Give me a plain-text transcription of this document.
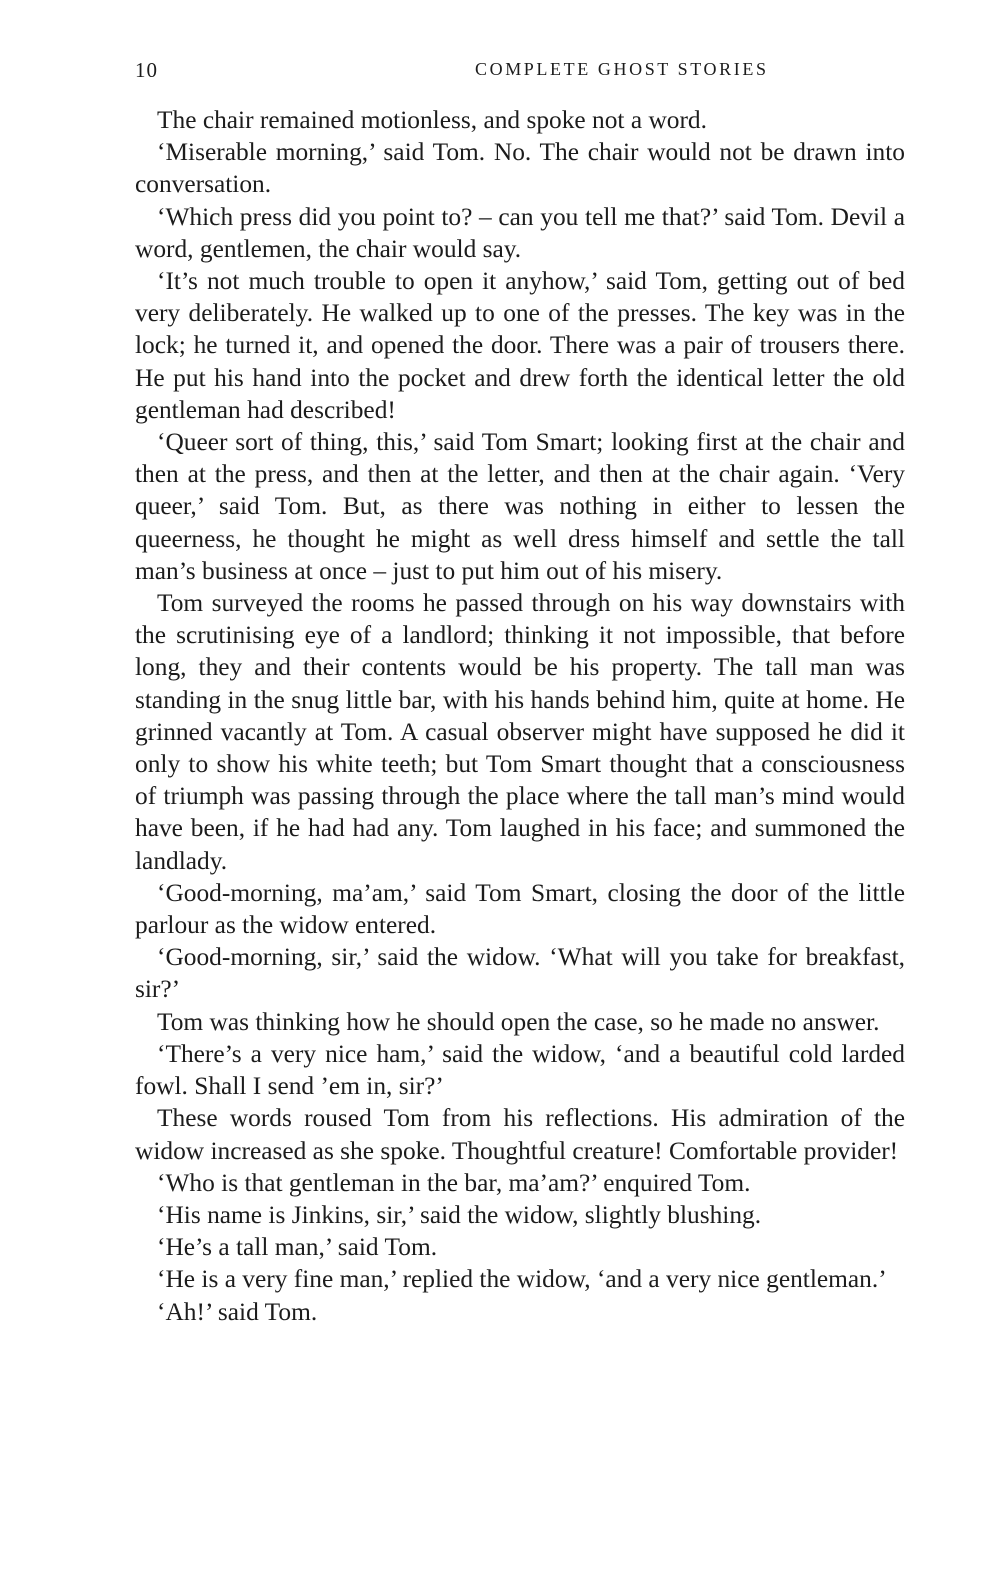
10	COMPLETE GHOST STORIES

The chair remained motionless, and spoke not a word.

‘Miserable morning,’ said Tom. No. The chair would not be drawn into conversation.

‘Which press did you point to? – can you tell me that?’ said Tom. Devil a word, gentlemen, the chair would say.

‘It’s not much trouble to open it anyhow,’ said Tom, getting out of bed very deliberately. He walked up to one of the presses. The key was in the lock; he turned it, and opened the door. There was a pair of trousers there. He put his hand into the pocket and drew forth the identical letter the old gentleman had described!

‘Queer sort of thing, this,’ said Tom Smart; looking first at the chair and then at the press, and then at the letter, and then at the chair again. ‘Very queer,’ said Tom. But, as there was nothing in either to lessen the queerness, he thought he might as well dress himself and settle the tall man’s business at once – just to put him out of his misery.

Tom surveyed the rooms he passed through on his way downstairs with the scrutinising eye of a landlord; thinking it not impossible, that before long, they and their contents would be his property. The tall man was standing in the snug little bar, with his hands behind him, quite at home. He grinned vacantly at Tom. A casual observer might have supposed he did it only to show his white teeth; but Tom Smart thought that a consciousness of triumph was passing through the place where the tall man’s mind would have been, if he had had any. Tom laughed in his face; and summoned the landlady.

‘Good-morning, ma’am,’ said Tom Smart, closing the door of the little parlour as the widow entered.

‘Good-morning, sir,’ said the widow. ‘What will you take for breakfast, sir?’

Tom was thinking how he should open the case, so he made no answer.

‘There’s a very nice ham,’ said the widow, ‘and a beautiful cold larded fowl. Shall I send ’em in, sir?’

These words roused Tom from his reflections. His admiration of the widow increased as she spoke. Thoughtful creature! Comfortable provider!

‘Who is that gentleman in the bar, ma’am?’ enquired Tom.

‘His name is Jinkins, sir,’ said the widow, slightly blushing.

‘He’s a tall man,’ said Tom.

‘He is a very fine man,’ replied the widow, ‘and a very nice gentleman.’

‘Ah!’ said Tom.
